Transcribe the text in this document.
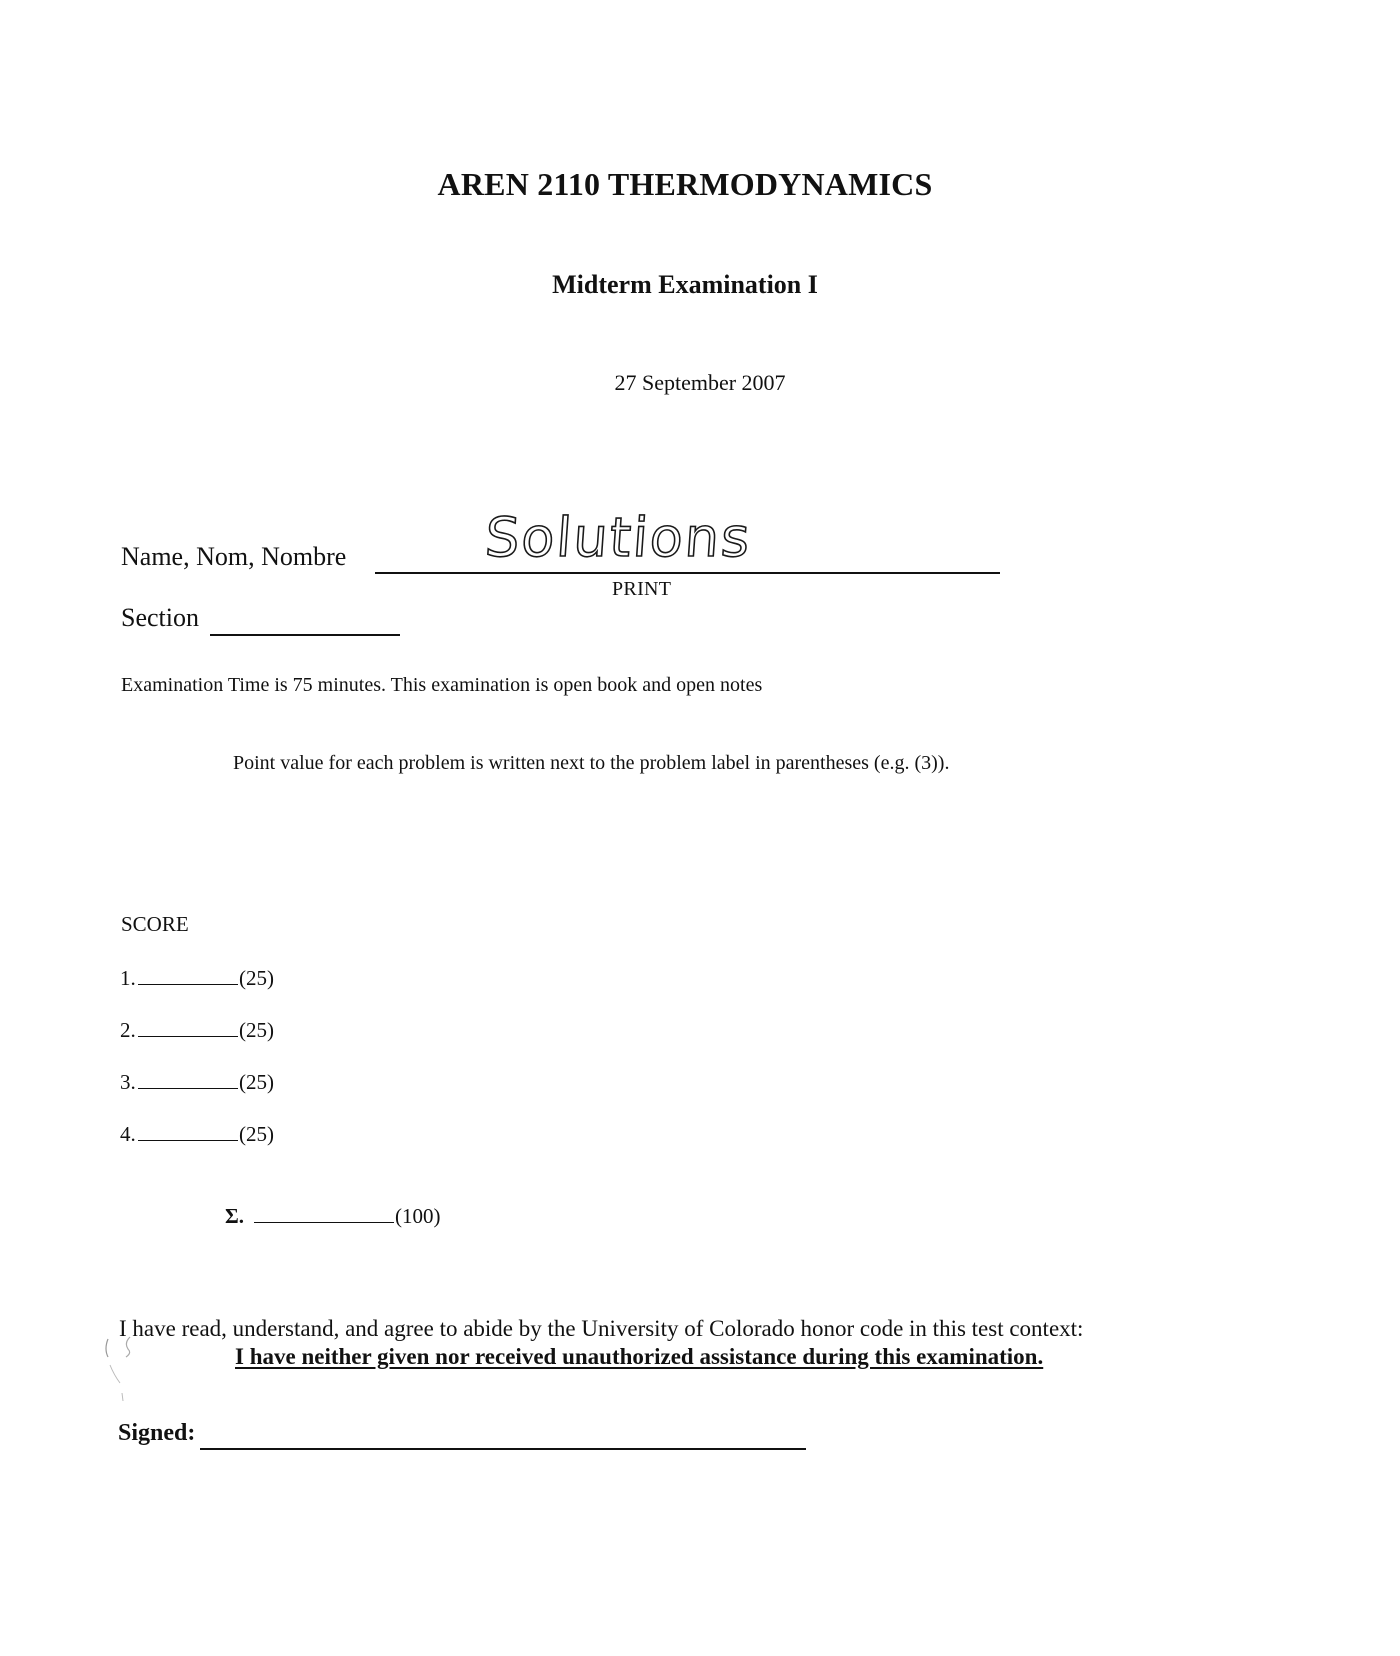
AREN 2110 THERMODYNAMICS
Midterm Examination I
27 September 2007
Name, Nom, Nombre	Solutions
PRINT
Section
Examination Time is 75 minutes. This examination is open book and open notes
Point value for each problem is written next to the problem label in parentheses (e.g. (3)).
SCORE
1.	(25)
2.	(25)
3.	(25)
4.	(25)
Σ.	(100)
I have read, understand, and agree to abide by the University of Colorado honor code in this test context:
I have neither given nor received unauthorized assistance during this examination.
Signed:
